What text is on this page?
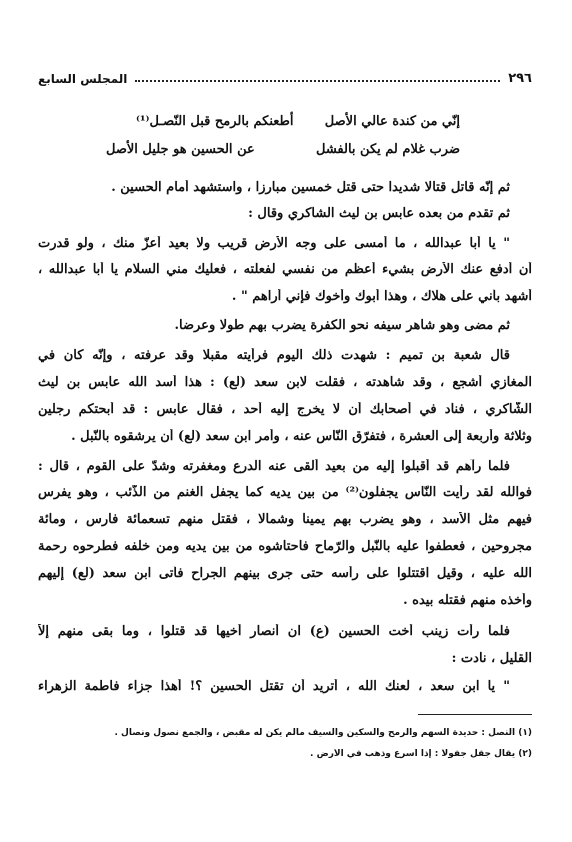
٢٩٦
المجلس السابع
إنّي من كندة عالي الأصل
أطعنكم بالرمح قبل النّصـل⁽¹⁾
ضرب غلام لم يكن بالفشل
عن الحسين هو جليل الأصل
ثم إنّه قاتل قتالا شديدا حتى قتل خمسين مبارزا ، واستشهد أمام الحسين .
ثم تقدم من بعده عابس بن ليث الشاكري وقال :
" يا أبا عبدالله ، ما أمسى على وجه الأرض قريب ولا بعيد أعزّ منك ، ولو قدرت
أن أدفع عنك الأرض بشيء أعظم من نفسي لفعلته ، فعليك مني السلام يا أبا عبدالله ،
أشهد بأني على هلاك ، وهذا أبوك وأخوك فإني أراهم " .
ثم مضى وهو شاهر سيفه نحو الكفرة يضرب بهم طولا وعرضا.
قال شعبة بن تميم : شهدت ذلك اليوم فرأيته مقبلا وقد عرفته ، وإنّه كان في
المغازي أشجع ، وقد شاهدته ، فقلت لابن سعد (لع) : هذا أسد الله عابس بن ليث
الشّاكري ، فناد في أصحابك أن لا يخرج إليه أحد ، فقال عابس : قد أبحتكم رجلين
وثلاثة وأربعة إلى العشرة ، فتفرّق النّاس عنه ، وأمر ابن سعد (لع) أن يرشقوه بالنّبل .
فلما رآهم قد أقبلوا إليه من بعيد ألقى عنه الدرع ومغفرته وشدّ على القوم ، قال :
فوالله لقد رأيت النّاس يجفلون⁽²⁾ من بين يديه كما يجفل الغنم من الذّئب ، وهو يفرس
فيهم مثل الأسد ، وهو يضرب بهم يمينا وشمالا ، فقتل منهم تسعمائة فارس ، ومائة
مجروحين ، فعطفوا عليه بالنّبل والرّماح فاحتاشوه من بين يديه ومن خلفه فطرحوه رحمة
الله عليه ، وقيل اقتتلوا على رأسه حتى جرى بينهم الجراح فأتى ابن سعد (لع) إليهم
وأخذه منهم فقتله بيده .
فلما رأت زينب أخت الحسين (ع) ان أنصار أخيها قد قتلوا ، وما بقى منهم إلاّ
القليل ، نادت :
" يا ابن سعد ، لعنك الله ، أتريد أن تقتل الحسين ؟! أهذا جزاء فاطمة الزهراء
(١) النصل : حديدة السهم والرمح والسكين والسيف مالم يكن له مقبض ، والجمع نصول ونصال .
(٢) يقال جفل جفولا : إذا أسرع وذهب في الأرض .
